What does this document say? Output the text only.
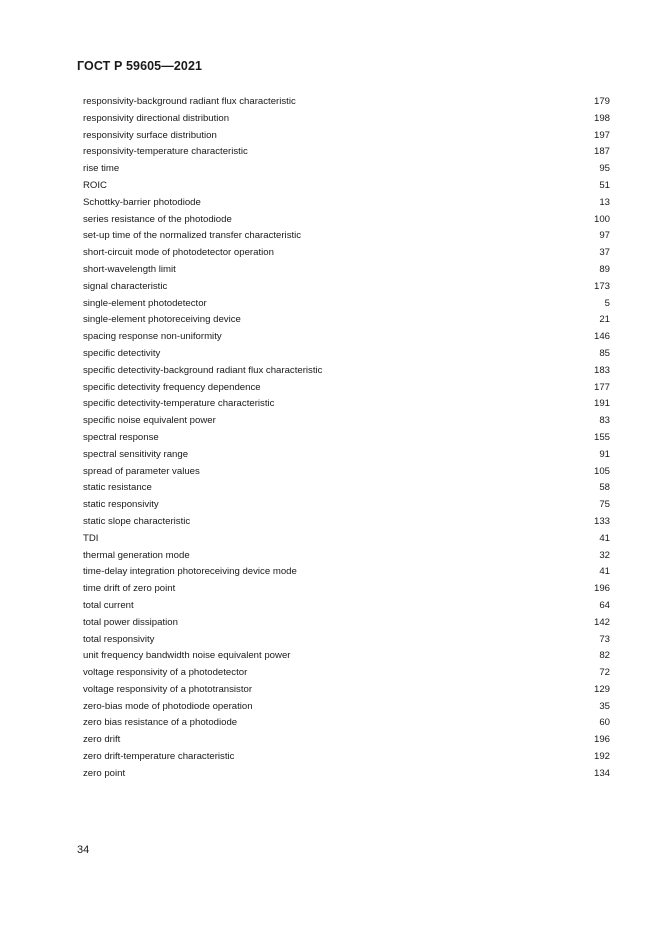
ГОСТ Р 59605—2021
responsivity-background radiant flux characteristic	179
responsivity directional distribution	198
responsivity surface distribution	197
responsivity-temperature characteristic	187
rise time	95
ROIC	51
Schottky-barrier photodiode	13
series resistance of the photodiode	100
set-up time of the normalized transfer characteristic	97
short-circuit mode of photodetector operation	37
short-wavelength limit	89
signal characteristic	173
single-element photodetector	5
single-element photoreceiving device	21
spacing response non-uniformity	146
specific detectivity	85
specific detectivity-background radiant flux characteristic	183
specific detectivity frequency dependence	177
specific detectivity-temperature characteristic	191
specific noise equivalent power	83
spectral response	155
spectral sensitivity range	91
spread of parameter values	105
static resistance	58
static responsivity	75
static slope characteristic	133
TDI	41
thermal generation mode	32
time-delay integration photoreceiving device mode	41
time drift of zero point	196
total current	64
total power dissipation	142
total responsivity	73
unit frequency bandwidth noise equivalent power	82
voltage responsivity of a photodetector	72
voltage responsivity of a phototransistor	129
zero-bias mode of photodiode operation	35
zero bias resistance of a photodiode	60
zero drift	196
zero drift-temperature characteristic	192
zero point	134
34
